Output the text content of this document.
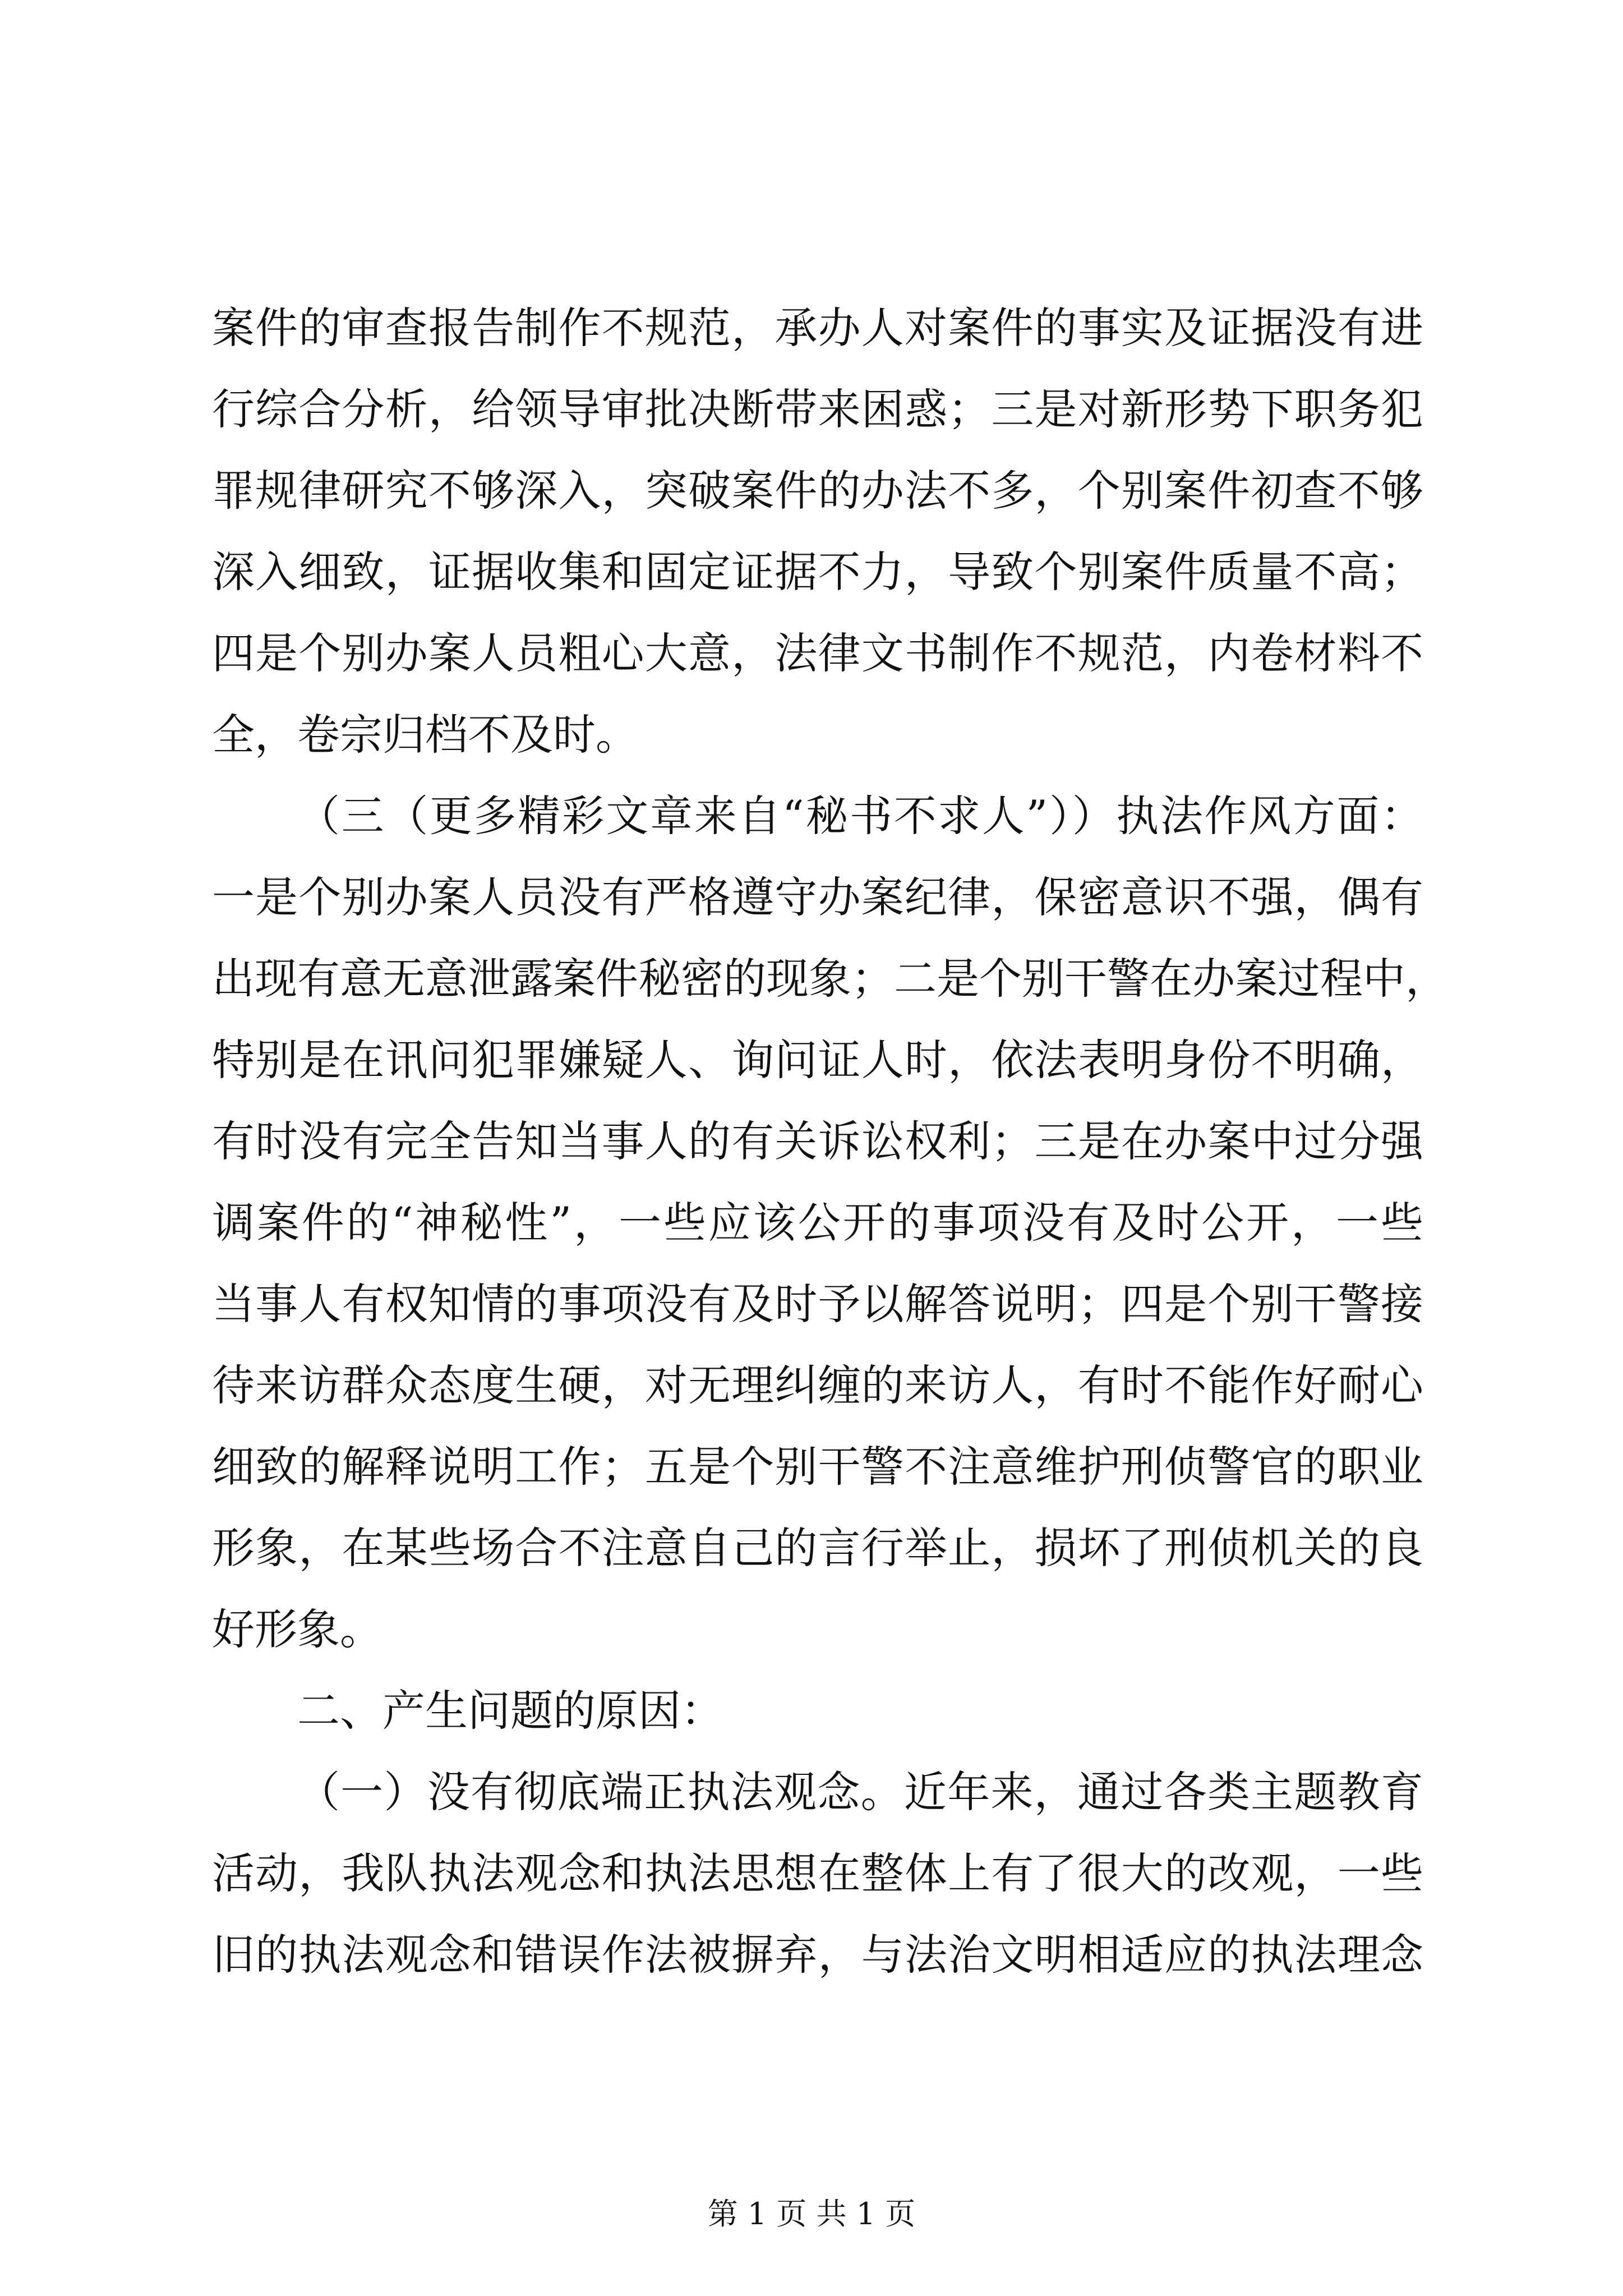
案件的审查报告制作不规范，承办人对案件的事实及证据没有进
行综合分析，给领导审批决断带来困惑；三是对新形势下职务犯
罪规律研究不够深入，突破案件的办法不多，个别案件初查不够
深入细致，证据收集和固定证据不力，导致个别案件质量不高；
四是个别办案人员粗心大意，法律文书制作不规范，内卷材料不
全，卷宗归档不及时。
（三（更多精彩文章来自“秘书不求人”））执法作风方面：
一是个别办案人员没有严格遵守办案纪律，保密意识不强，偶有
出现有意无意泄露案件秘密的现象；二是个别干警在办案过程中，
特别是在讯问犯罪嫌疑人、询问证人时，依法表明身份不明确，
有时没有完全告知当事人的有关诉讼权利；三是在办案中过分强
调案件的“神秘性”，一些应该公开的事项没有及时公开，一些
当事人有权知情的事项没有及时予以解答说明；四是个别干警接
待来访群众态度生硬，对无理纠缠的来访人，有时不能作好耐心
细致的解释说明工作；五是个别干警不注意维护刑侦警官的职业
形象，在某些场合不注意自己的言行举止，损坏了刑侦机关的良
好形象。
二、产生问题的原因：
（一）没有彻底端正执法观念。近年来，通过各类主题教育
活动，我队执法观念和执法思想在整体上有了很大的改观，一些
旧的执法观念和错误作法被摒弃，与法治文明相适应的执法理念
第 1 页 共 1 页
